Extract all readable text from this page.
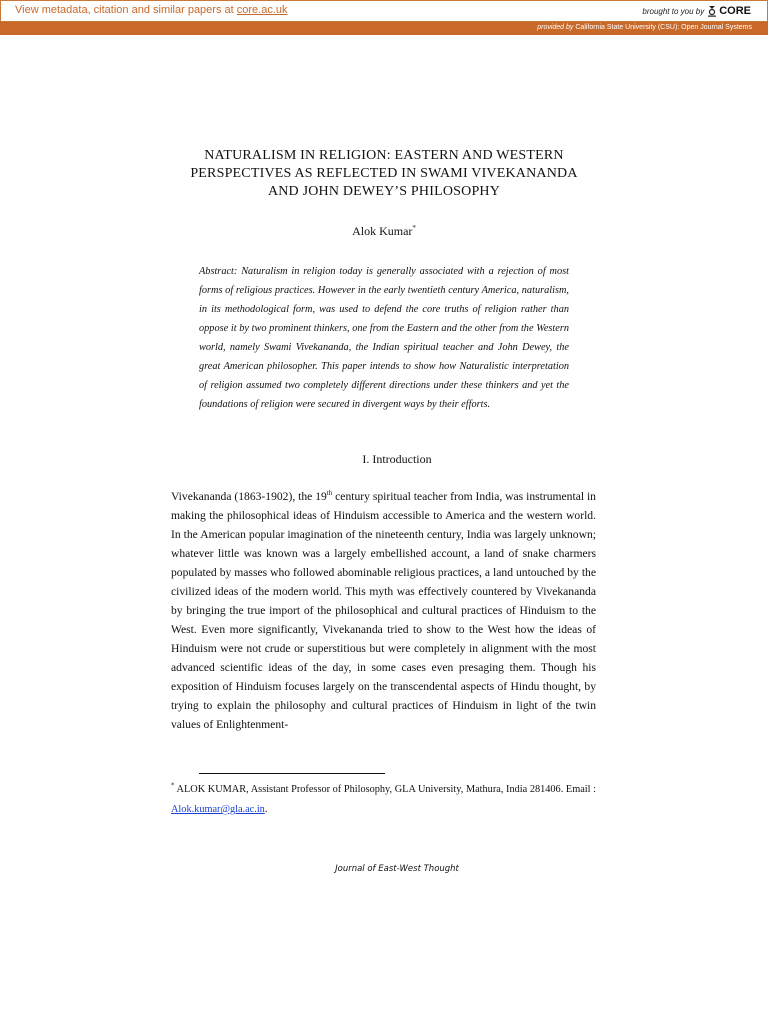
View metadata, citation and similar papers at core.ac.uk	brought to you by CORE
provided by California State University (CSU): Open Journal Systems
NATURALISM IN RELIGION: EASTERN AND WESTERN
PERSPECTIVES AS REFLECTED IN SWAMI VIVEKANANDA
AND JOHN DEWEY’S PHILOSOPHY
Alok Kumar*

Abstract: Naturalism in religion today is generally associated with a rejection of most forms of religious practices. However in the early twentieth century America, naturalism, in its methodological form, was used to defend the core truths of religion rather than oppose it by two prominent thinkers, one from the Eastern and the other from the Western world, namely Swami Vivekananda, the Indian spiritual teacher and John Dewey, the great American philosopher. This paper intends to show how Naturalistic interpretation of religion assumed two completely different directions under these thinkers and yet the foundations of religion were secured in divergent ways by their efforts.

I. Introduction

Vivekananda (1863-1902), the 19th century spiritual teacher from India, was instrumental in making the philosophical ideas of Hinduism accessible to America and the western world. In the American popular imagination of the nineteenth century, India was largely unknown; whatever little was known was a largely embellished account, a land of snake charmers populated by masses who followed abominable religious practices, a land untouched by the civilized ideas of the modern world. This myth was effectively countered by Vivekananda by bringing the true import of the philosophical and cultural practices of Hinduism to the West. Even more significantly, Vivekananda tried to show to the West how the ideas of Hinduism were not crude or superstitious but were completely in alignment with the most advanced scientific ideas of the day, in some cases even presaging them. Though his exposition of Hinduism focuses largely on the transcendental aspects of Hindu thought, by trying to explain the philosophy and cultural practices of Hinduism in light of the twin values of Enlightenment-

* ALOK KUMAR, Assistant Professor of Philosophy, GLA University, Mathura, India 281406. Email : Alok.kumar@gla.ac.in.

Journal of East-West Thought
